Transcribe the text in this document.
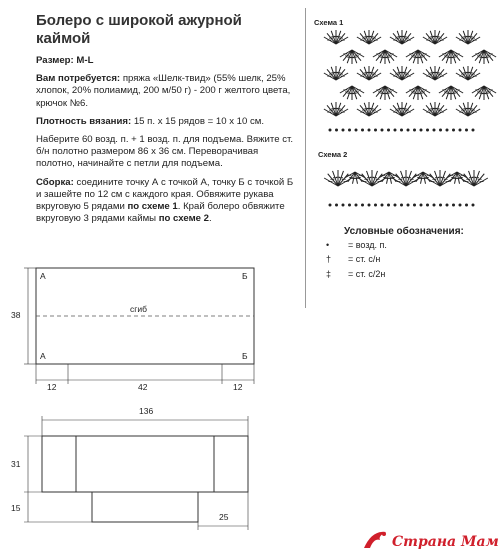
Болеро с широкой ажурной каймой
Размер: M-L
Вам потребуется: пряжа «Шелк-твид» (55% шелк, 25% хлопок, 20% полиамид, 200 м/50 г) - 200 г желтого цвета, крючок №6.
Плотность вязания: 15 п. х 15 рядов = 10 х 10 см.
Наберите 60 возд. п. + 1 возд. п. для подъема. Вяжите ст. б/н полотно размером 86 х 36 см. Переворачивая полотно, начинайте с петли для подъема.
Сборка: соедините точку А с точкой А, точку Б с точкой Б и зашейте по 12 см с каждого края. Обвяжите рукава вкруговую 5 рядами по схеме 1. Край болеро обвяжите вкруговую 3 рядами каймы по схеме 2.
Схема 1
Схема 2
Условные обозначения:
• = возд. п.
† = ст. с/н
‡ = ст. с/2н
А	Б
А	Б
сгиб
38
12	42	12
136
31
15
25
Страна Мам
